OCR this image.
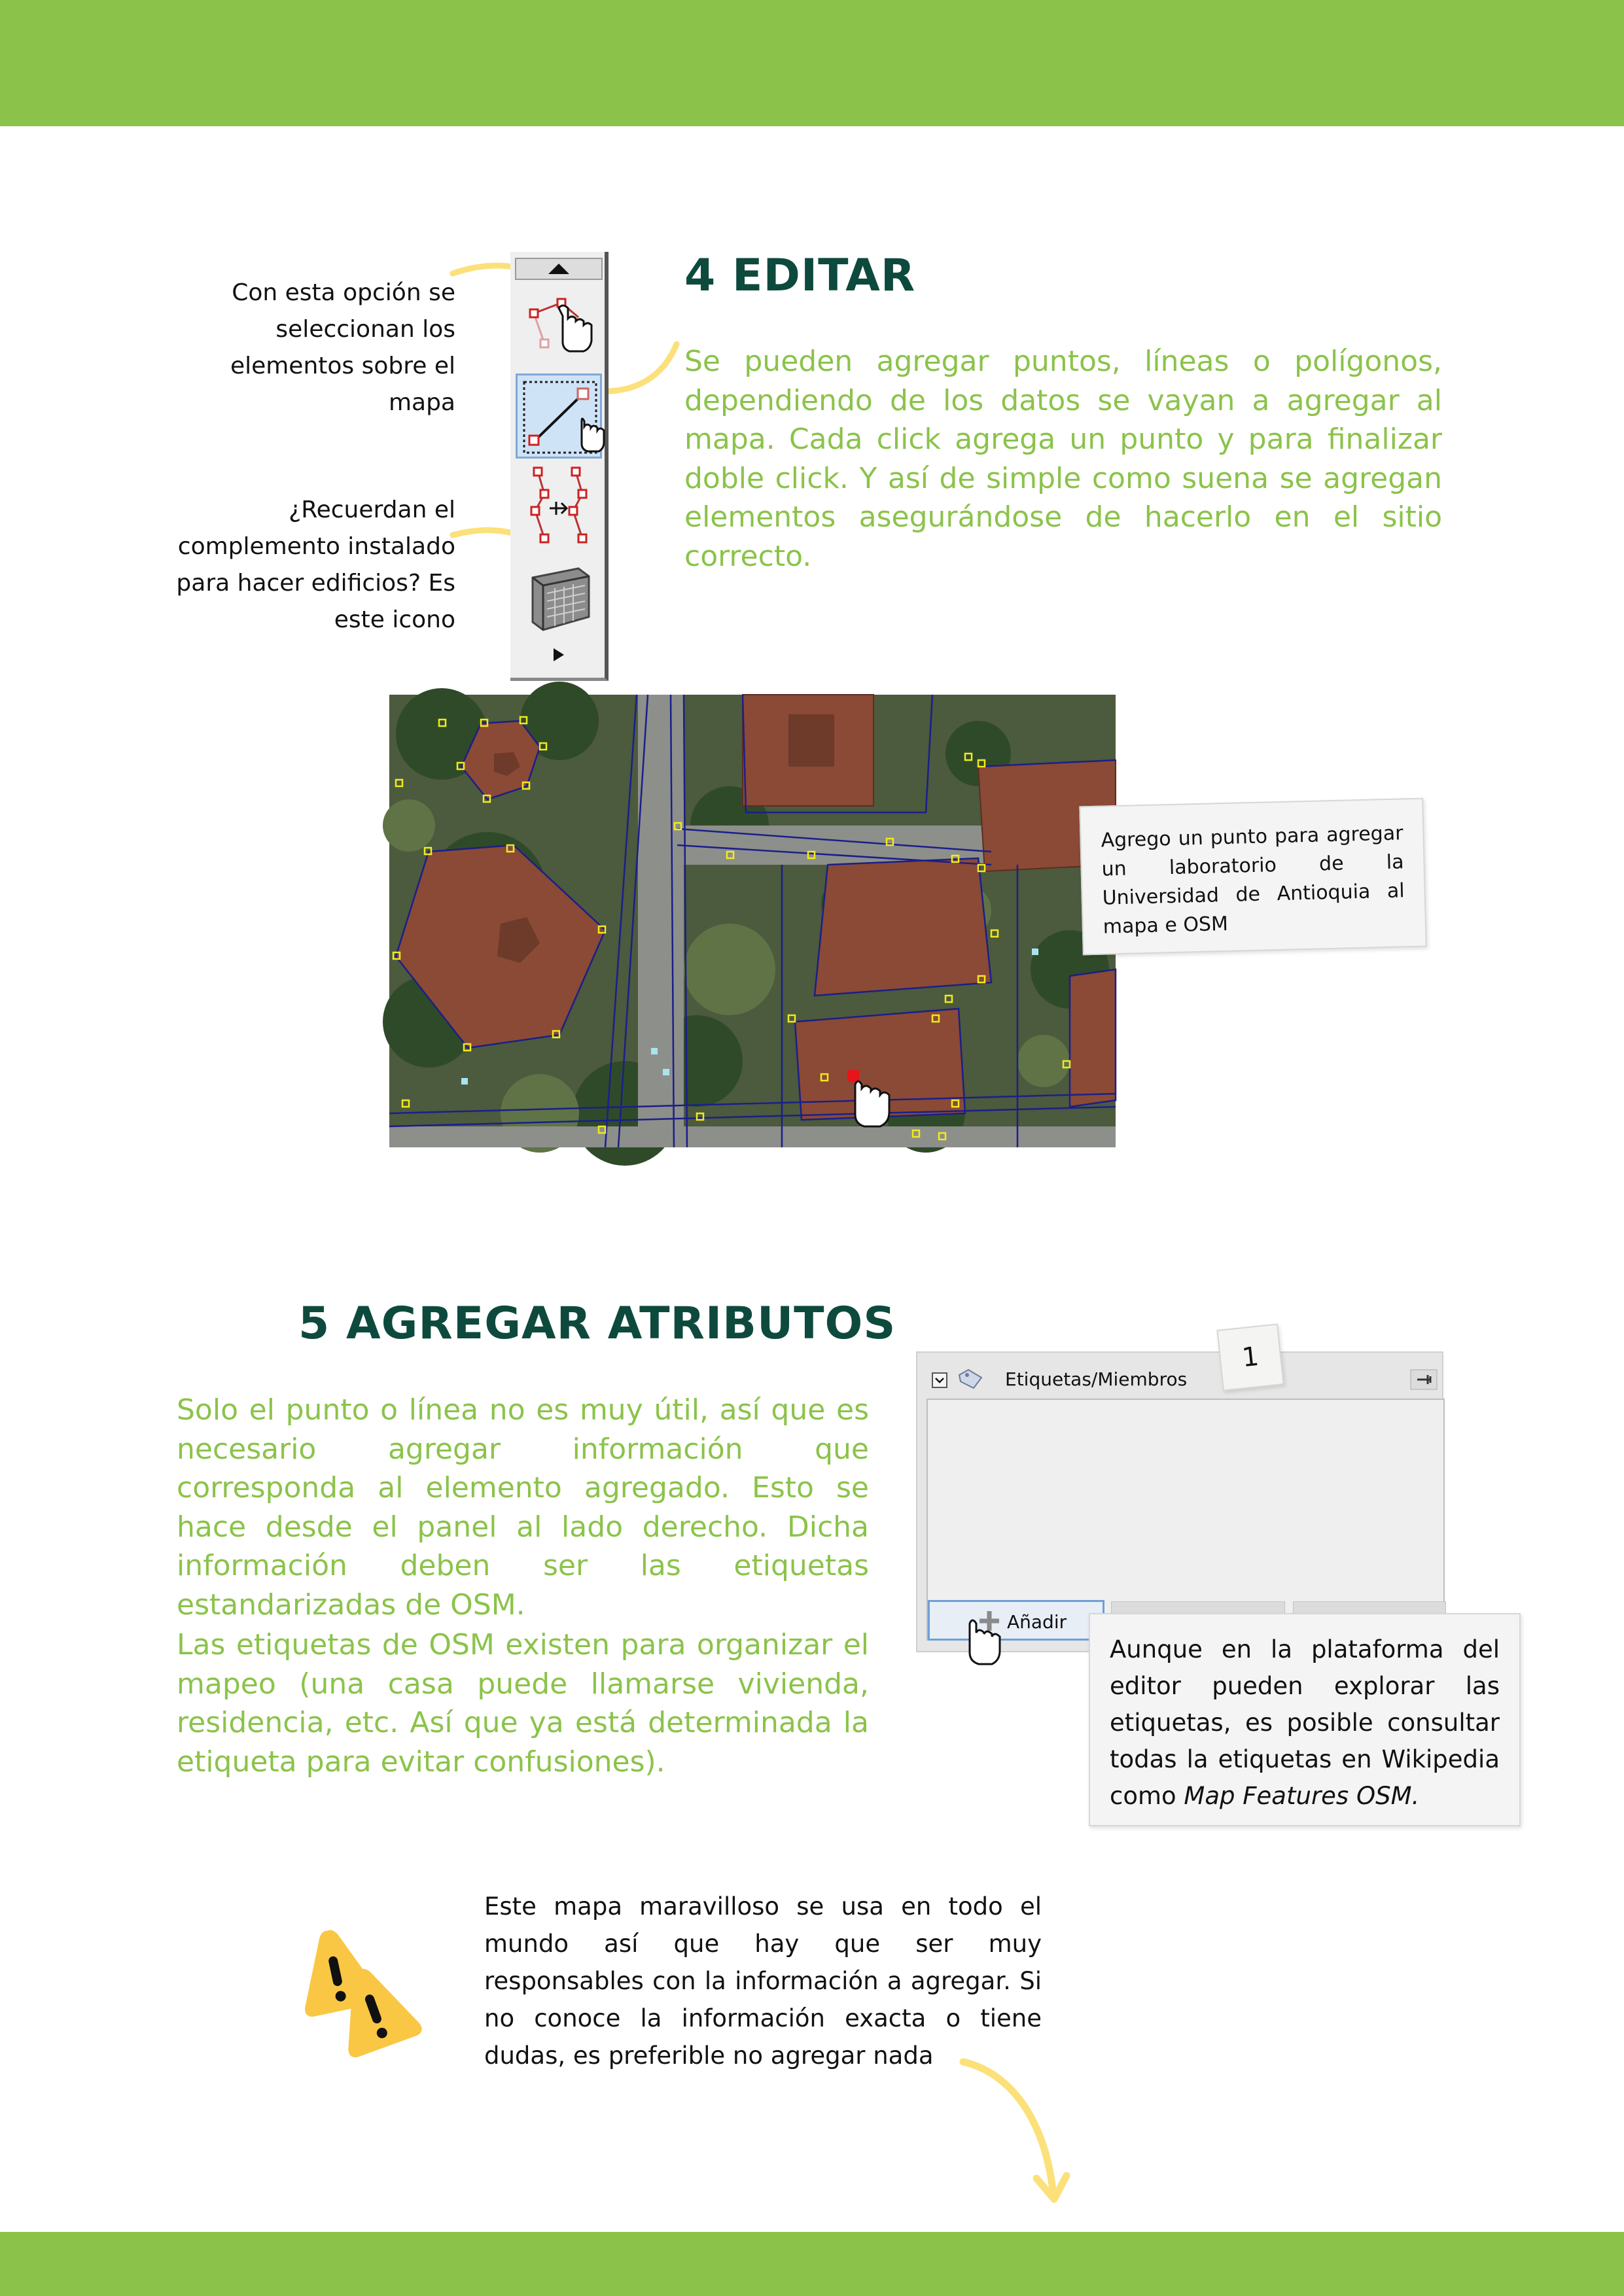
Con esta opción se seleccionan los elementos sobre el mapa

¿Recuerdan el complemento instalado para hacer edificios? Es este icono

4 EDITAR

Se pueden agregar puntos, líneas o polígonos, dependiendo de los datos se vayan a agregar al mapa. Cada click agrega un punto y para finalizar doble click. Y así de simple como suena se agregan elementos asegurándose de hacerlo en el sitio correcto.

Agrego un punto para agregar un laboratorio de la Universidad de Antioquia al mapa e OSM
5 AGREGAR ATRIBUTOS

Solo el punto o línea no es muy útil, así que es necesario agregar información que corresponda al elemento agregado. Esto se hace desde el panel al lado derecho. Dicha información deben ser las etiquetas estandarizadas de OSM.

Las etiquetas de OSM existen para organizar el mapeo (una casa puede llamarse vivienda, residencia, etc. Así que ya está determinada la etiqueta para evitar confusiones).

Etiquetas/Miembros
Añadir
1
Aunque en la plataforma del editor pueden explorar las etiquetas, es posible consultar todas la etiquetas en Wikipedia como Map Features OSM.

Este mapa maravilloso se usa en todo el mundo así que hay que ser muy responsables con la información a agregar. Si no conoce la información exacta o tiene dudas, es preferible no agregar nada
